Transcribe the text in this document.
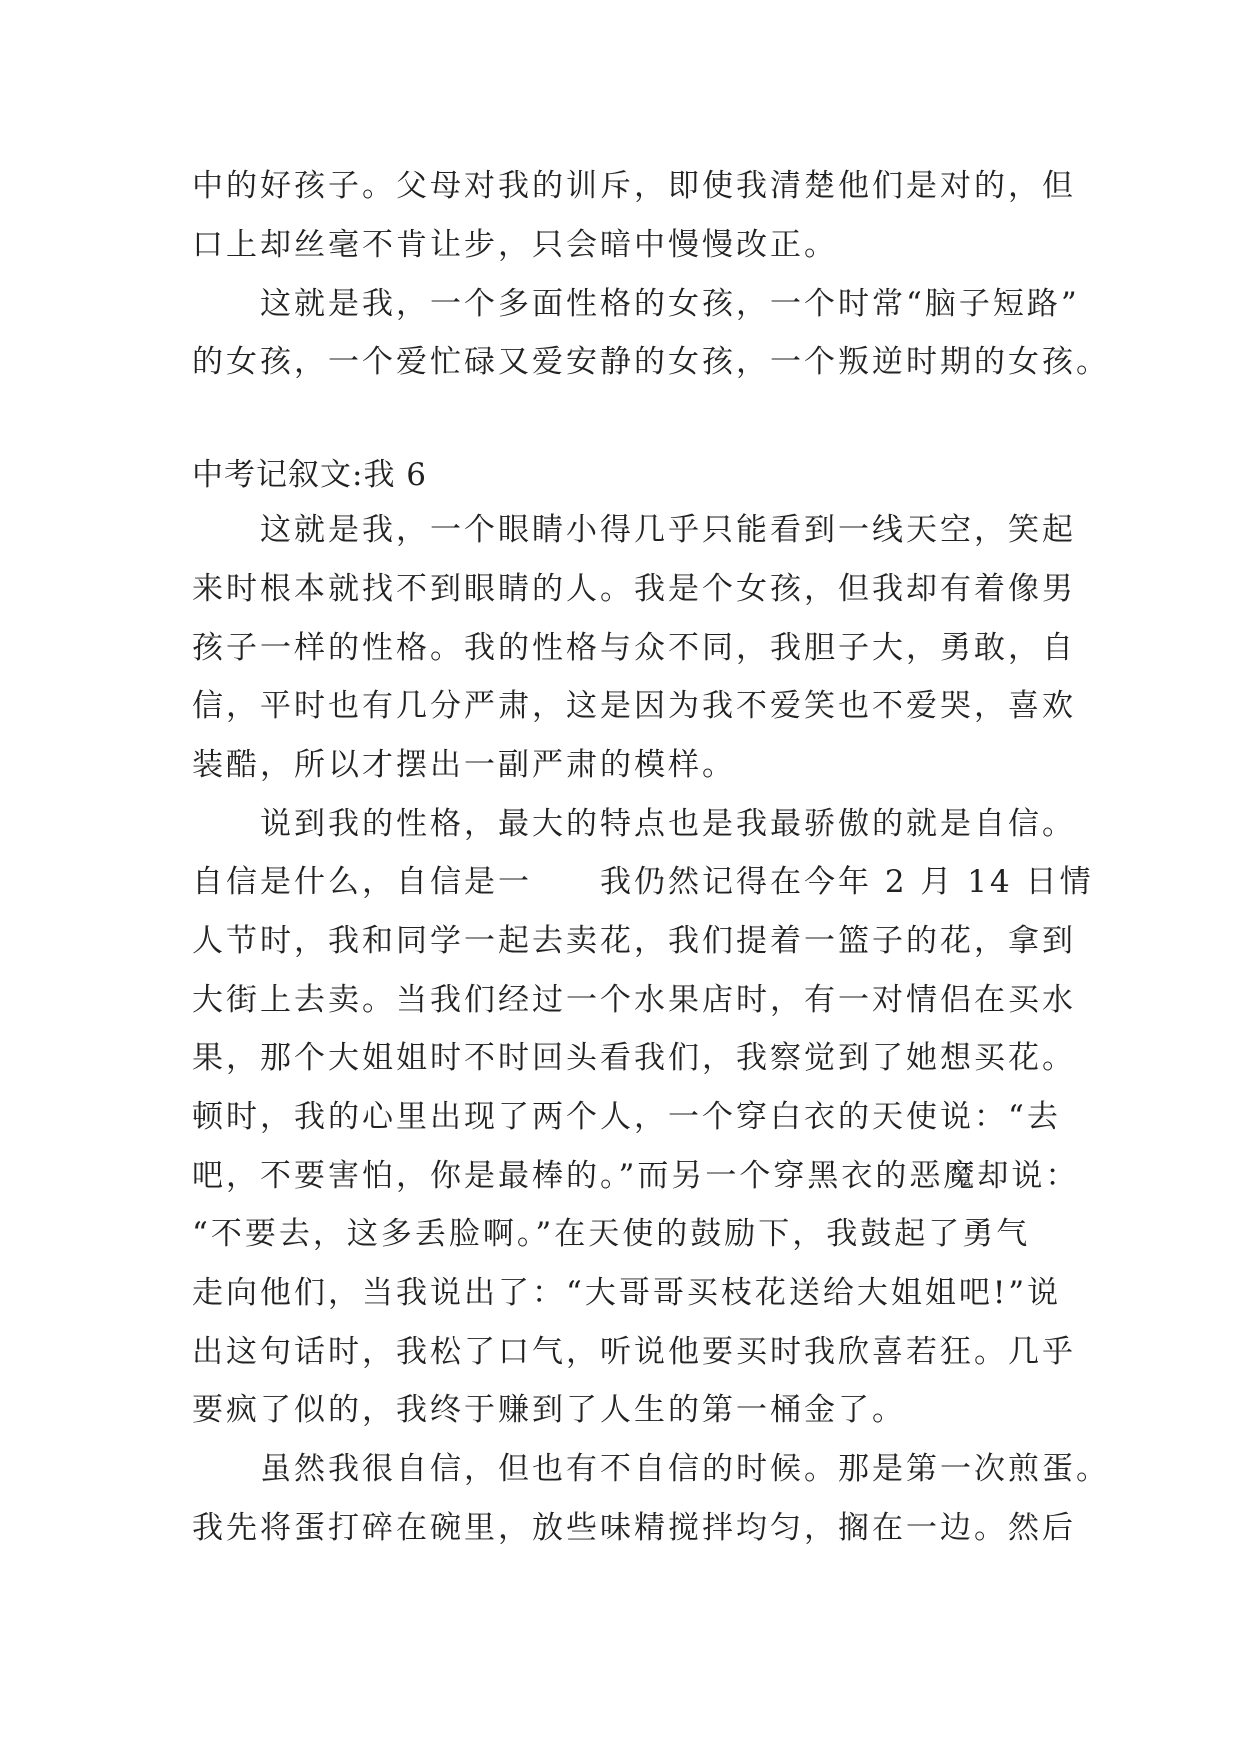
中的好孩子。父母对我的训斥，即使我清楚他们是对的，但
口上却丝毫不肯让步，只会暗中慢慢改正。
　　这就是我，一个多面性格的女孩，一个时常“脑子短路”
的女孩，一个爱忙碌又爱安静的女孩，一个叛逆时期的女孩。
中考记叙文:我 6
　　这就是我，一个眼睛小得几乎只能看到一线天空，笑起
来时根本就找不到眼睛的人。我是个女孩，但我却有着像男
孩子一样的性格。我的性格与众不同，我胆子大，勇敢，自
信，平时也有几分严肃，这是因为我不爱笑也不爱哭，喜欢
装酷，所以才摆出一副严肃的模样。
　　说到我的性格，最大的特点也是我最骄傲的就是自信。
自信是什么，自信是一　　我仍然记得在今年 2 月 14 日情
人节时，我和同学一起去卖花，我们提着一篮子的花，拿到
大街上去卖。当我们经过一个水果店时，有一对情侣在买水
果，那个大姐姐时不时回头看我们，我察觉到了她想买花。
顿时，我的心里出现了两个人，一个穿白衣的天使说：“去
吧，不要害怕，你是最棒的。”而另一个穿黑衣的恶魔却说：
“不要去，这多丢脸啊。”在天使的鼓励下，我鼓起了勇气
走向他们，当我说出了：“大哥哥买枝花送给大姐姐吧!”说
出这句话时，我松了口气，听说他要买时我欣喜若狂。几乎
要疯了似的，我终于赚到了人生的第一桶金了。
　　虽然我很自信，但也有不自信的时候。那是第一次煎蛋。
我先将蛋打碎在碗里，放些味精搅拌均匀，搁在一边。然后
